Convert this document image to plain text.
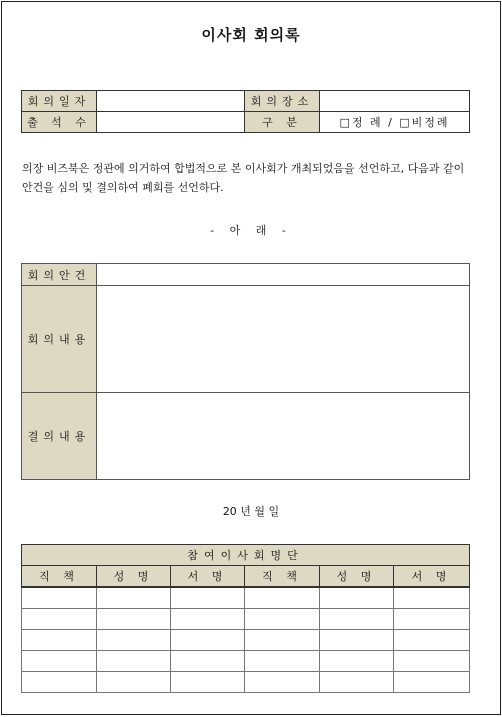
이사회 회의록
회의일자		회의장소	
출 석 수		구 분	□정 례 / □비정례
의장 비즈북은 정관에 의거하여 합법적으로 본 이사회가 개최되었음을 선언하고, 다음과 같이 안건을 심의 및 결의하여 폐회를 선언하다.
- 아 래 -
회의안건	
회의내용	
결의내용	
20 년 월 일
참여이사회명단					
직 책	성 명	서 명	직 책	성 명	서 명
